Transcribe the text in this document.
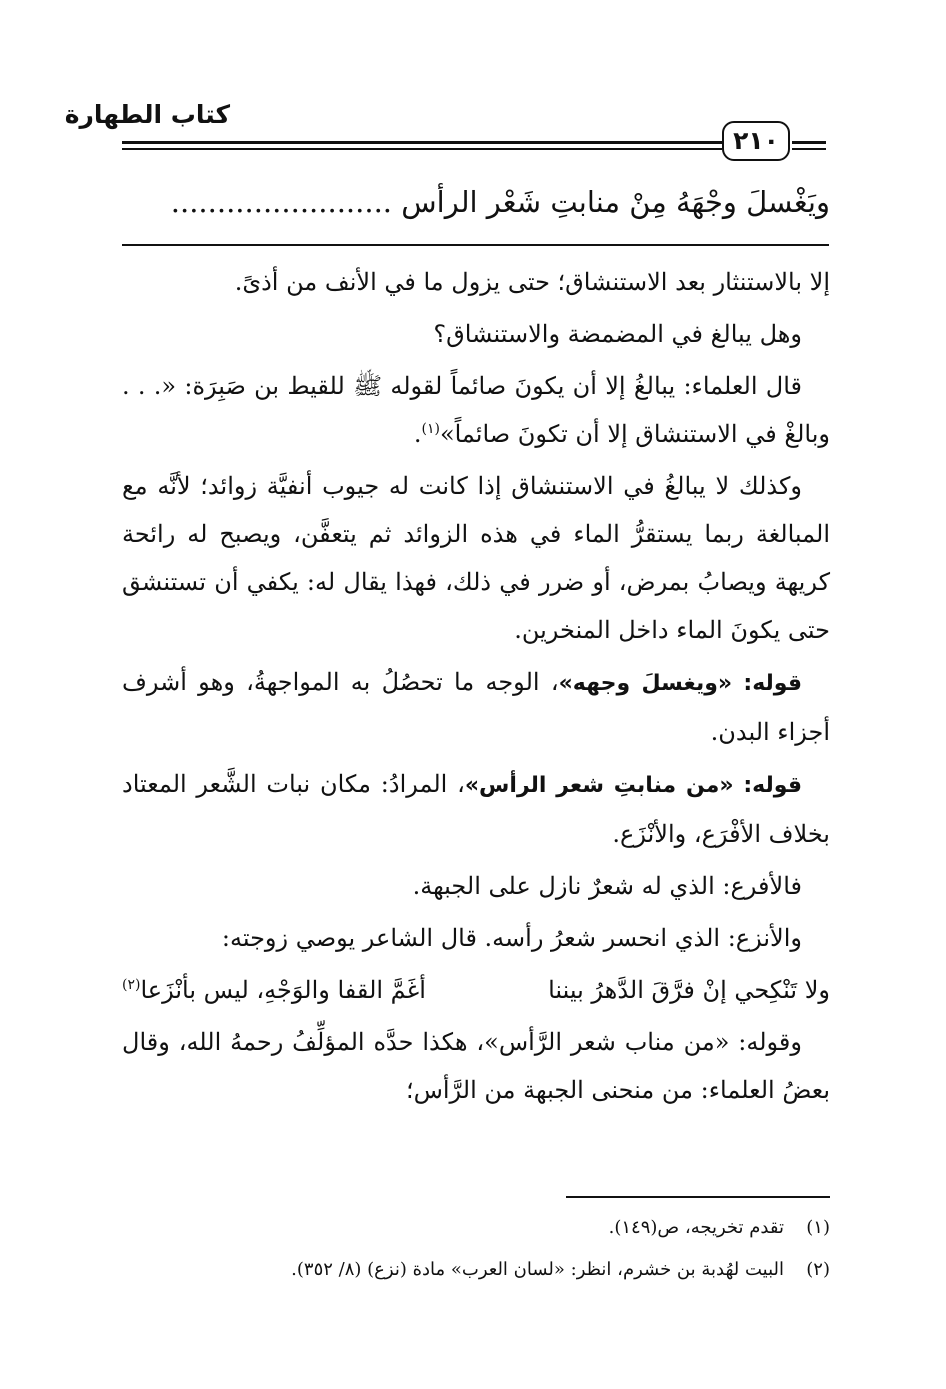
كتاب الطهارة
٢١٠
ويَغْسلَ وجْهَهُ مِنْ منابتِ شَعْر الرأس ........................

إلا بالاستنثار بعد الاستنشاق؛ حتى يزول ما في الأنف من أذىً.

وهل يبالغ في المضمضة والاستنشاق؟

قال العلماء: يبالغُ إلا أن يكونَ صائماً لقوله ﷺ للقيط بن صَبِرَة: «. . . وبالغْ في الاستنشاق إلا أن تكونَ صائماً»$^{(١)}$.

وكذلك لا يبالغُ في الاستنشاق إذا كانت له جيوب أنفيَّة زوائد؛ لأنَّه مع المبالغة ربما يستقرُّ الماء في هذه الزوائد ثم يتعفَّن، ويصبح له رائحة كريهة ويصابُ بمرض، أو ضرر في ذلك، فهذا يقال له: يكفي أن تستنشق حتى يكونَ الماء داخل المنخرين.

قوله: «ويغسلَ وجهه»، الوجه ما تحصُلُ به المواجهةُ، وهو أشرف أجزاء البدن.

قوله: «من منابتِ شعر الرأس»، المرادُ: مكان نبات الشَّعر المعتاد بخلاف الأفْرَع، والأنْزَع.

فالأفرع: الذي له شعرٌ نازل على الجبهة.

والأنزع: الذي انحسر شعرُ رأسه. قال الشاعر يوصي زوجته:

ولا تَنْكِحي إنْ فرَّقَ الدَّهرُ بيننا
أغَمَّ القفا والوَجْهِ، ليس بأنْزَعا$^{(٢)}$

وقوله: «من مناب شعر الرَّأس»، هكذا حدَّه المؤلِّفُ رحمهُ الله، وقال بعضُ العلماء: من منحنى الجبهة من الرَّأس؛

(١)
تقدم تخريجه، ص(١٤٩).
(٢)
البيت لهُدبة بن خشرم، انظر: «لسان العرب» مادة (نزع) (٨/ ٣٥٢).
